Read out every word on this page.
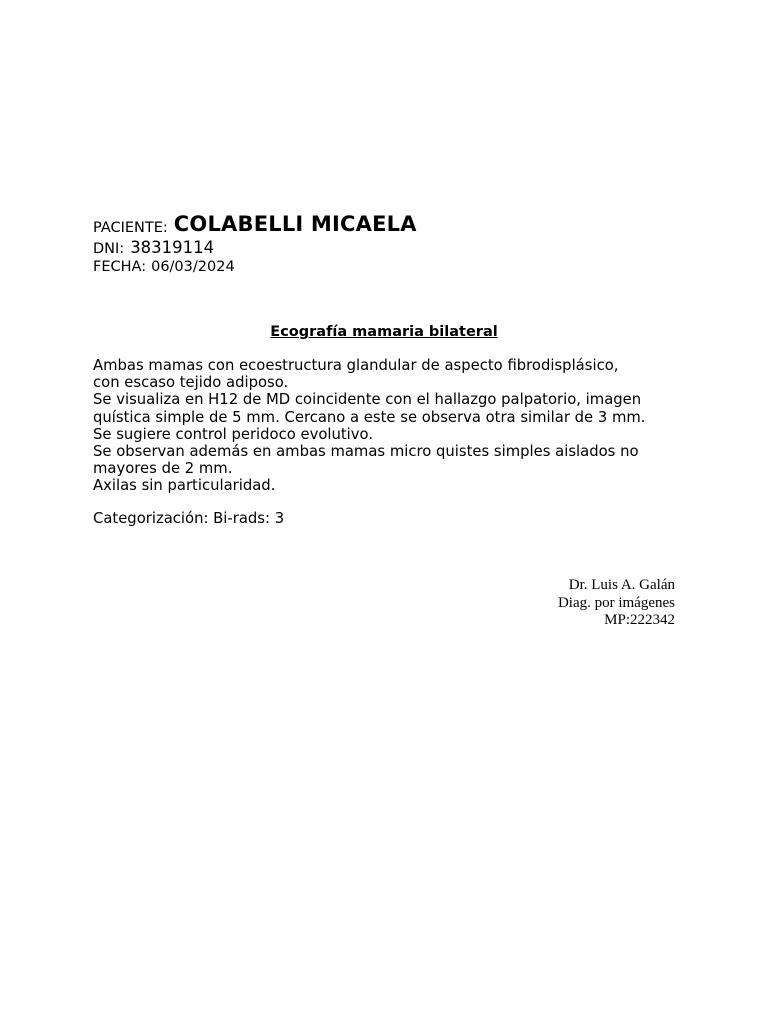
PACIENTE: COLABELLI MICAELA
DNI: 38319114
FECHA: 06/03/2024
Ecografía mamaria bilateral
Ambas mamas con ecoestructura glandular de aspecto fibrodisplásico,
con escaso tejido adiposo.
Se visualiza en H12 de MD coincidente con el hallazgo palpatorio, imagen
quística simple de 5 mm. Cercano a este se observa otra similar de 3 mm.
Se sugiere control peridoco evolutivo.
Se observan además en ambas mamas micro quistes simples aislados no
mayores de 2 mm.
Axilas sin particularidad.
Categorización: Bi-rads: 3
Dr. Luis A. Galán
Diag. por imágenes
MP:222342
